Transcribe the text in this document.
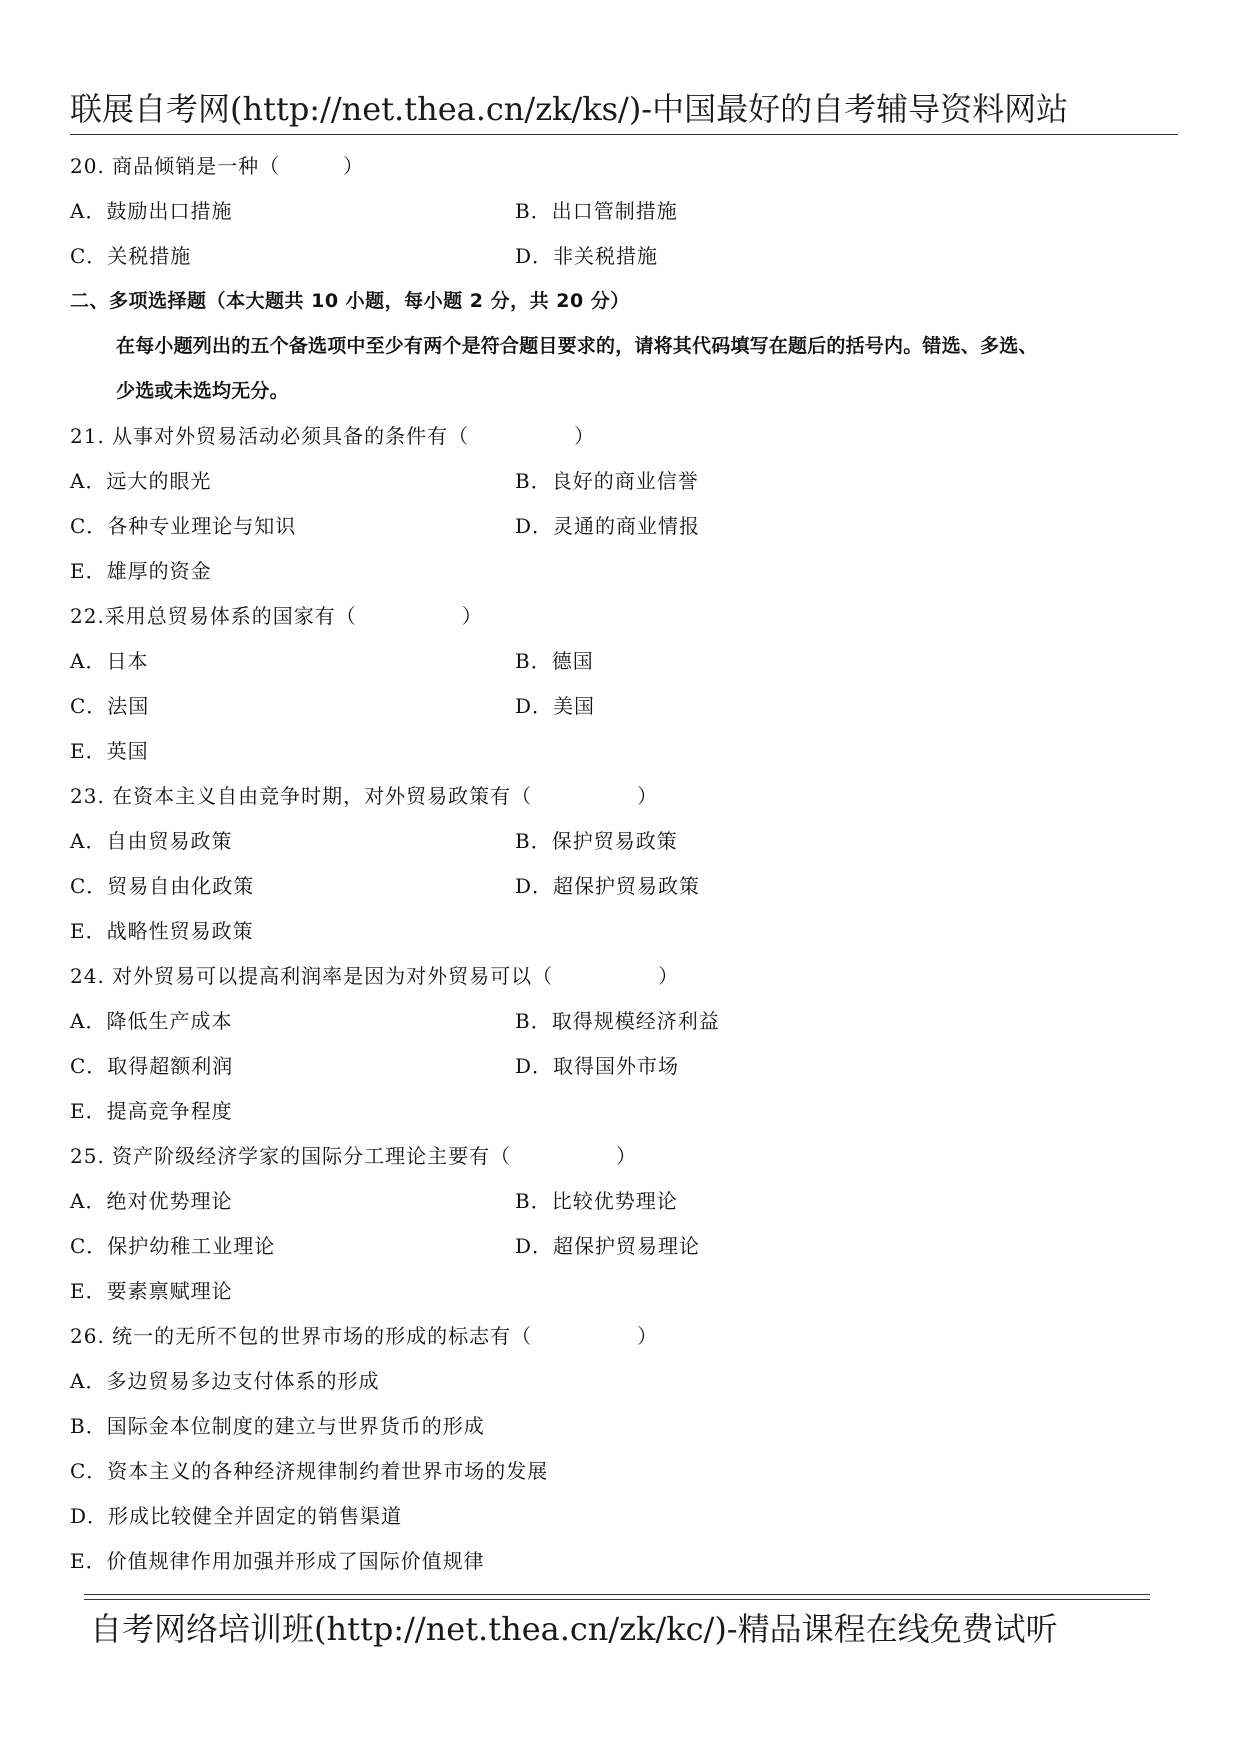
联展自考网(http://net.thea.cn/zk/ks/)-中国最好的自考辅导资料网站
20. 商品倾销是一种（　　　）
A．鼓励出口措施	B．出口管制措施
C．关税措施	D．非关税措施
二、多项选择题（本大题共 10 小题，每小题 2 分，共 20 分）
在每小题列出的五个备选项中至少有两个是符合题目要求的，请将其代码填写在题后的括号内。错选、多选、
少选或未选均无分。
21. 从事对外贸易活动必须具备的条件有（　　　　　）
A．远大的眼光	B．良好的商业信誉
C．各种专业理论与知识	D．灵通的商业情报
E．雄厚的资金
22.采用总贸易体系的国家有（　　　　　）
A．日本	B．德国
C．法国	D．美国
E．英国
23. 在资本主义自由竞争时期，对外贸易政策有（　　　　　）
A．自由贸易政策	B．保护贸易政策
C．贸易自由化政策	D．超保护贸易政策
E．战略性贸易政策
24. 对外贸易可以提高利润率是因为对外贸易可以（　　　　　）
A．降低生产成本	B．取得规模经济利益
C．取得超额利润	D．取得国外市场
E．提高竞争程度
25. 资产阶级经济学家的国际分工理论主要有（　　　　　）
A．绝对优势理论	B．比较优势理论
C．保护幼稚工业理论	D．超保护贸易理论
E．要素禀赋理论
26. 统一的无所不包的世界市场的形成的标志有（　　　　　）
A．多边贸易多边支付体系的形成
B．国际金本位制度的建立与世界货币的形成
C．资本主义的各种经济规律制约着世界市场的发展
D．形成比较健全并固定的销售渠道
E．价值规律作用加强并形成了国际价值规律
自考网络培训班(http://net.thea.cn/zk/kc/)-精品课程在线免费试听
